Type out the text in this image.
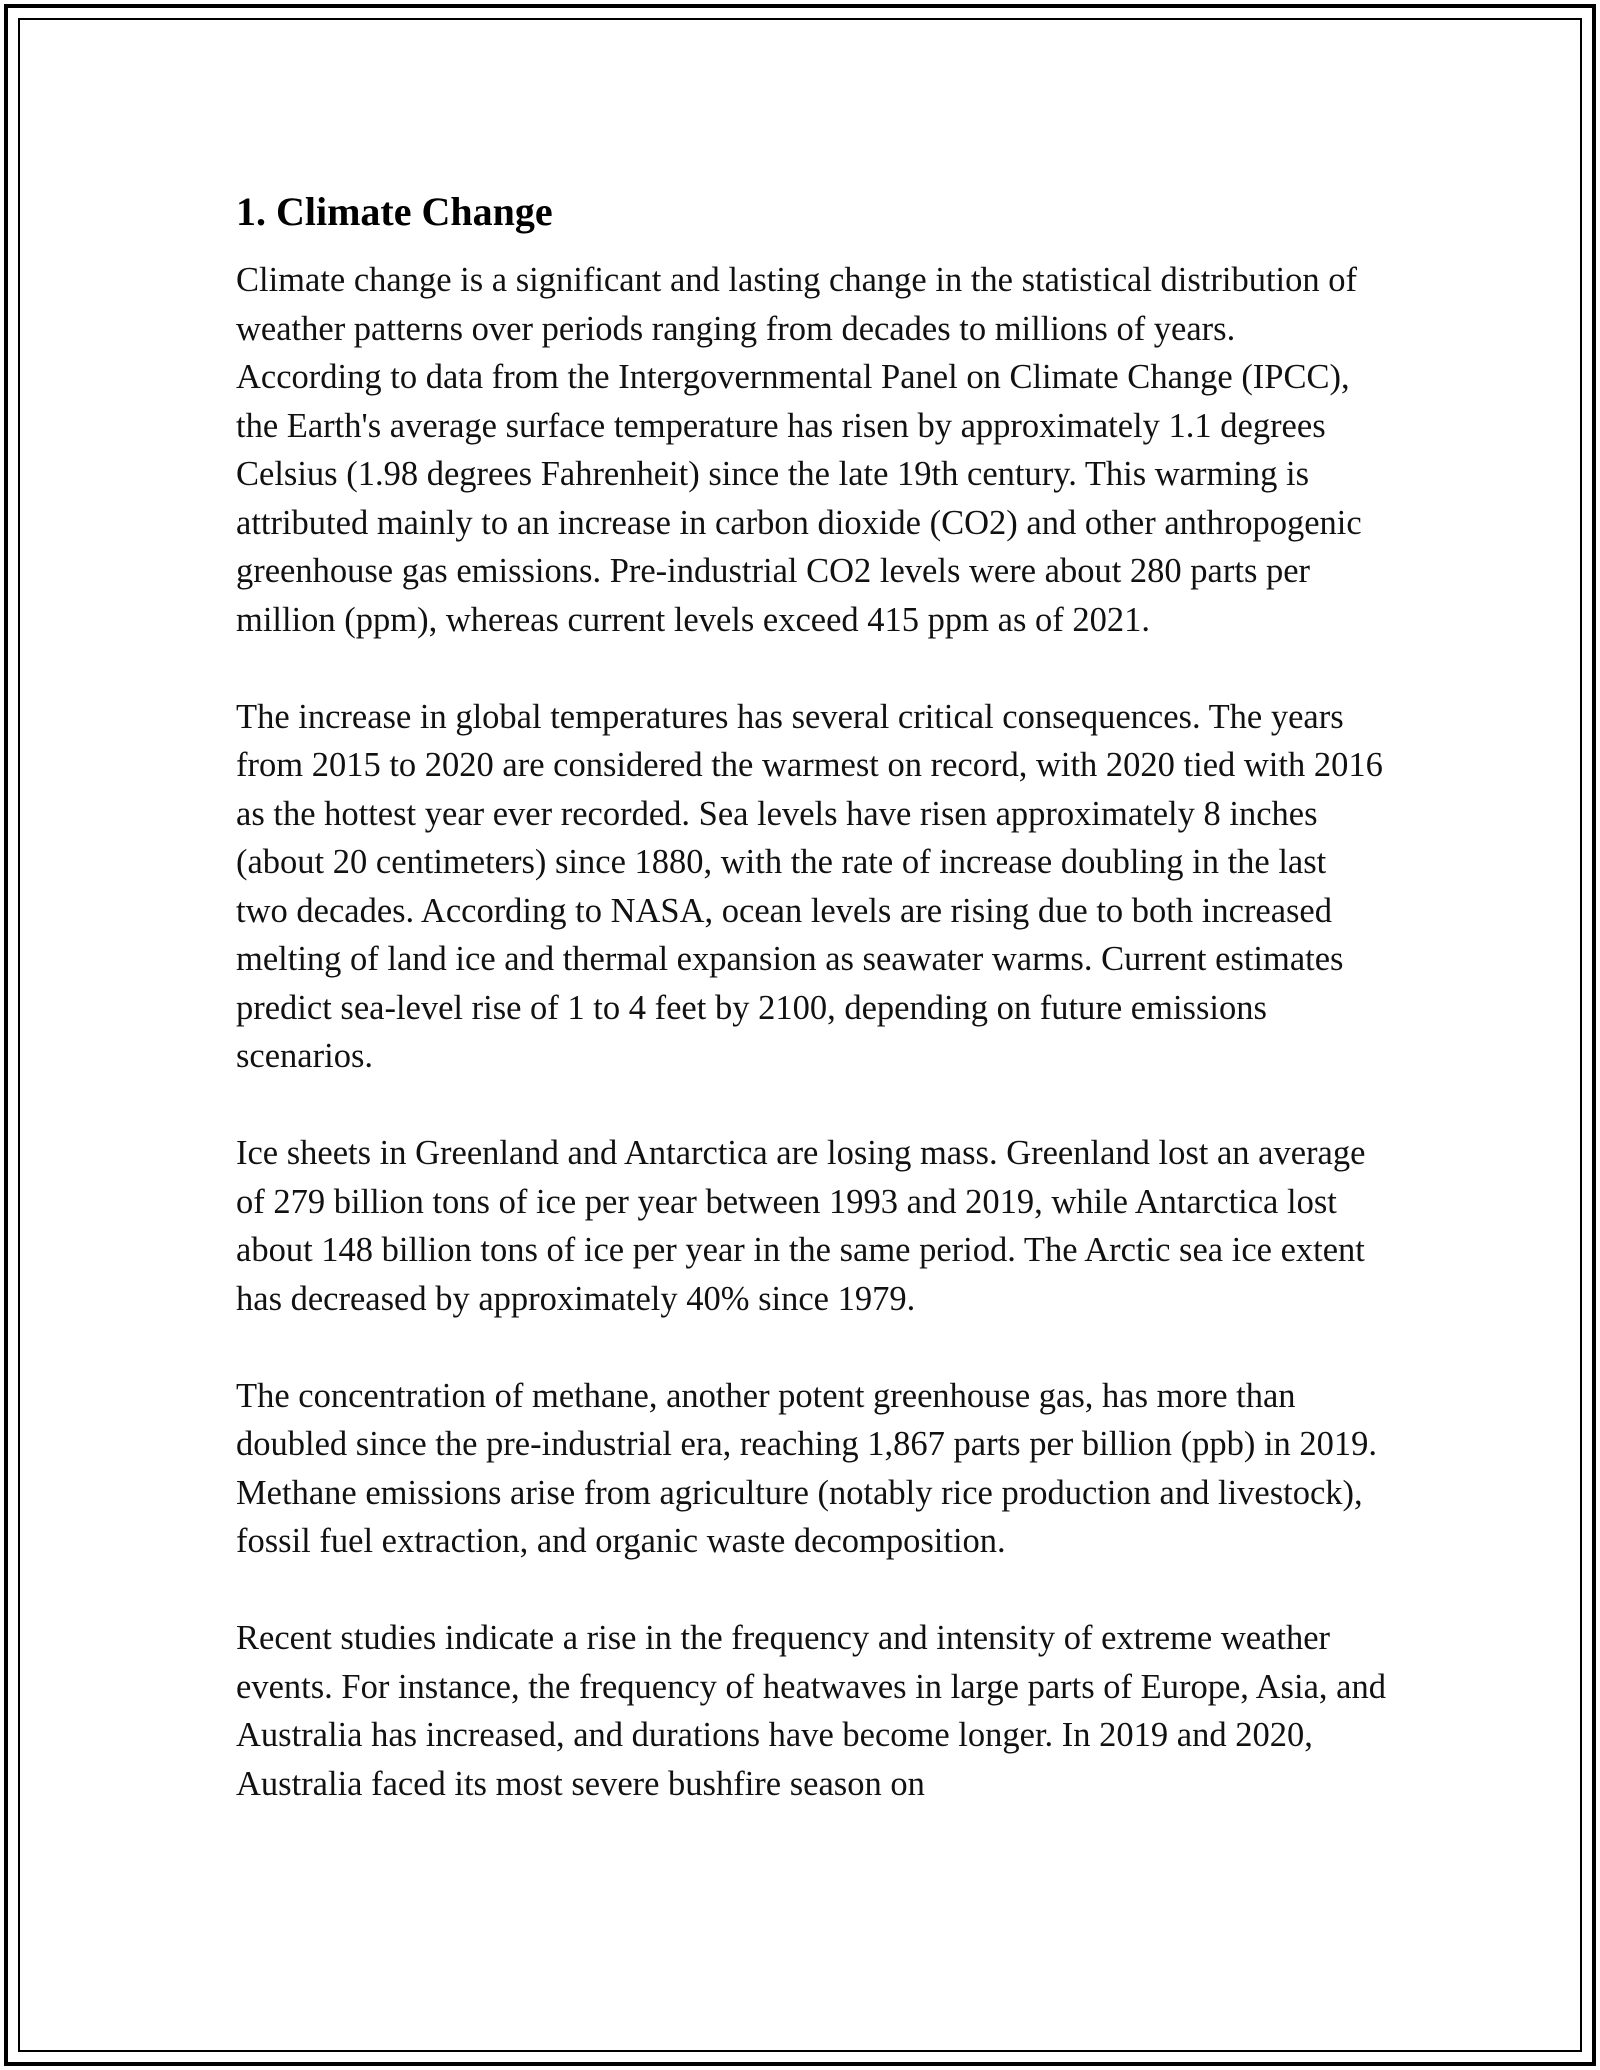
1. Climate Change

Climate change is a significant and lasting change in the statistical distribution of weather patterns over periods ranging from decades to millions of years. According to data from the Intergovernmental Panel on Climate Change (IPCC), the Earth's average surface temperature has risen by approximately 1.1 degrees Celsius (1.98 degrees Fahrenheit) since the late 19th century. This warming is attributed mainly to an increase in carbon dioxide (CO2) and other anthropogenic greenhouse gas emissions. Pre-industrial CO2 levels were about 280 parts per million (ppm), whereas current levels exceed 415 ppm as of 2021.

The increase in global temperatures has several critical consequences. The years from 2015 to 2020 are considered the warmest on record, with 2020 tied with 2016 as the hottest year ever recorded. Sea levels have risen approximately 8 inches (about 20 centimeters) since 1880, with the rate of increase doubling in the last two decades. According to NASA, ocean levels are rising due to both increased melting of land ice and thermal expansion as seawater warms. Current estimates predict sea-level rise of 1 to 4 feet by 2100, depending on future emissions scenarios.

Ice sheets in Greenland and Antarctica are losing mass. Greenland lost an average of 279 billion tons of ice per year between 1993 and 2019, while Antarctica lost about 148 billion tons of ice per year in the same period. The Arctic sea ice extent has decreased by approximately 40% since 1979.

The concentration of methane, another potent greenhouse gas, has more than doubled since the pre-industrial era, reaching 1,867 parts per billion (ppb) in 2019. Methane emissions arise from agriculture (notably rice production and livestock), fossil fuel extraction, and organic waste decomposition.

Recent studies indicate a rise in the frequency and intensity of extreme weather events. For instance, the frequency of heatwaves in large parts of Europe, Asia, and Australia has increased, and durations have become longer. In 2019 and 2020, Australia faced its most severe bushfire season on
